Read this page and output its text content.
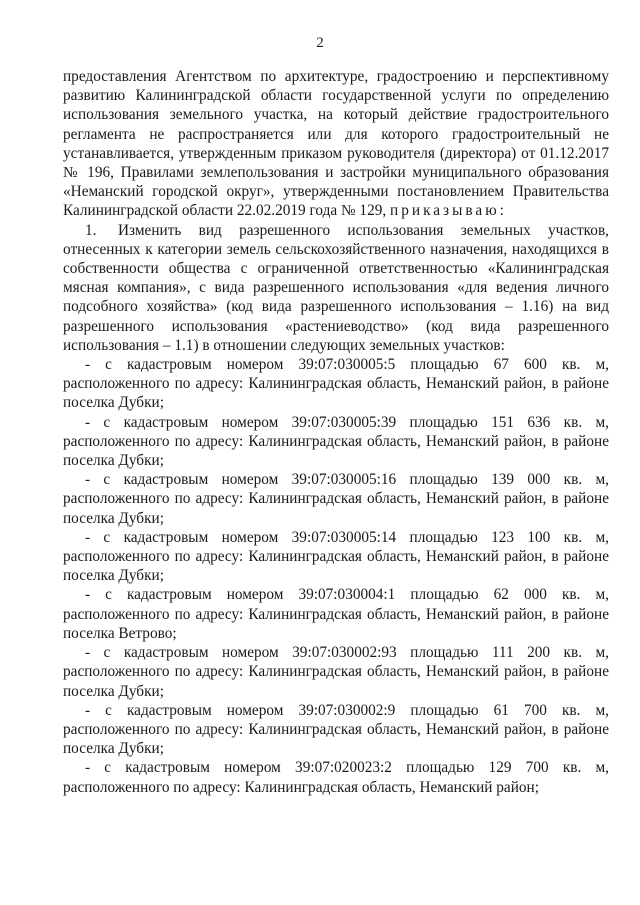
2

предоставления Агентством по архитектуре, градостроению и перспективному развитию Калининградской области государственной услуги по определению использования земельного участка, на который действие градостроительного регламента не распространяется или для которого градостроительный не устанавливается, утвержденным приказом руководителя (директора) от 01.12.2017 № 196, Правилами землепользования и застройки муниципального образования «Неманский городской округ», утвержденными постановлением Правительства Калининградской области 22.02.2019 года № 129, приказываю:

1. Изменить вид разрешенного использования земельных участков, отнесенных к категории земель сельскохозяйственного назначения, находящихся в собственности общества с ограниченной ответственностью «Калининградская мясная компания», с вида разрешенного использования «для ведения личного подсобного хозяйства» (код вида разрешенного использования – 1.16) на вид разрешенного использования «растениеводство» (код вида разрешенного использования – 1.1) в отношении следующих земельных участков:

- с кадастровым номером 39:07:030005:5 площадью 67 600 кв. м, расположенного по адресу: Калининградская область, Неманский район, в районе поселка Дубки;

- с кадастровым номером 39:07:030005:39 площадью 151 636 кв. м, расположенного по адресу: Калининградская область, Неманский район, в районе поселка Дубки;

- с кадастровым номером 39:07:030005:16 площадью 139 000 кв. м, расположенного по адресу: Калининградская область, Неманский район, в районе поселка Дубки;

- с кадастровым номером 39:07:030005:14 площадью 123 100 кв. м, расположенного по адресу: Калининградская область, Неманский район, в районе поселка Дубки;

- с кадастровым номером 39:07:030004:1 площадью 62 000 кв. м, расположенного по адресу: Калининградская область, Неманский район, в районе поселка Ветрово;

- с кадастровым номером 39:07:030002:93 площадью 111 200 кв. м, расположенного по адресу: Калининградская область, Неманский район, в районе поселка Дубки;

- с кадастровым номером 39:07:030002:9 площадью 61 700 кв. м, расположенного по адресу: Калининградская область, Неманский район, в районе поселка Дубки;

- с кадастровым номером 39:07:020023:2 площадью 129 700 кв. м, расположенного по адресу: Калининградская область, Неманский район;
